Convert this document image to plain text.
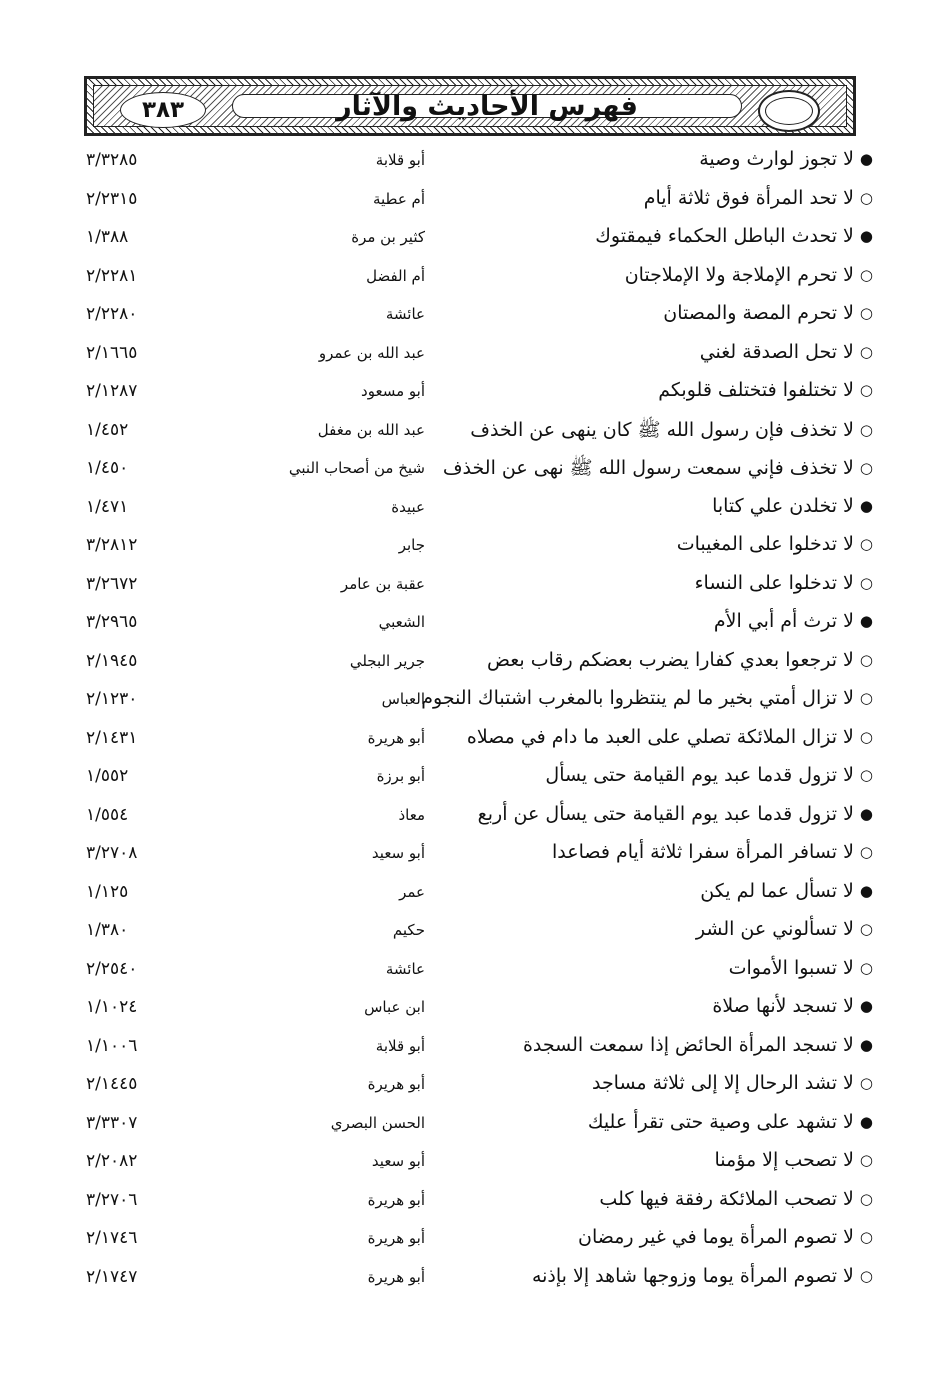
٣٨٣	فهرس الأحاديث والآثار
●لا تجوز لوارث وصية
أبو قلابة
٣/٣٢٨٥
○لا تحد المرأة فوق ثلاثة أيام
أم عطية
٢/٢٣١٥
●لا تحدث الباطل الحكماء فيمقتوك
كثير بن مرة
١/٣٨٨
○لا تحرم الإملاجة ولا الإملاجتان
أم الفضل
٢/٢٢٨١
○لا تحرم المصة والمصتان
عائشة
٢/٢٢٨٠
○لا تحل الصدقة لغني
عبد الله بن عمرو
٢/١٦٦٥
○لا تختلفوا فتختلف قلوبكم
أبو مسعود
٢/١٢٨٧
○لا تخذف فإن رسول الله ﷺ كان ينهى عن الخذف
عبد الله بن مغفل
١/٤٥٢
○لا تخذف فإني سمعت رسول الله ﷺ نهى عن الخذف
شيخ من أصحاب النبي
١/٤٥٠
●لا تخلدن علي كتابا
عبيدة
١/٤٧١
○لا تدخلوا على المغيبات
جابر
٣/٢٨١٢
○لا تدخلوا على النساء
عقبة بن عامر
٣/٢٦٧٢
●لا ترث أم أبي الأم
الشعبي
٣/٢٩٦٥
○لا ترجعوا بعدي كفارا يضرب بعضكم رقاب بعض
جرير البجلي
٢/١٩٤٥
○لا تزال أمتي بخير ما لم ينتظروا بالمغرب اشتباك النجوم
العباس
٢/١٢٣٠
○لا تزال الملائكة تصلي على العبد ما دام في مصلاه
أبو هريرة
٢/١٤٣١
○لا تزول قدما عبد يوم القيامة حتى يسأل
أبو برزة
١/٥٥٢
●لا تزول قدما عبد يوم القيامة حتى يسأل عن أربع
معاذ
١/٥٥٤
○لا تسافر المرأة سفرا ثلاثة أيام فصاعدا
أبو سعيد
٣/٢٧٠٨
●لا تسأل عما لم يكن
عمر
١/١٢٥
○لا تسألوني عن الشر
حكيم
١/٣٨٠
○لا تسبوا الأموات
عائشة
٢/٢٥٤٠
●لا تسجد لأنها صلاة
ابن عباس
١/١٠٢٤
●لا تسجد المرأة الحائض إذا سمعت السجدة
أبو قلابة
١/١٠٠٦
○لا تشد الرحال إلا إلى ثلاثة مساجد
أبو هريرة
٢/١٤٤٥
●لا تشهد على وصية حتى تقرأ عليك
الحسن البصري
٣/٣٣٠٧
○لا تصحب إلا مؤمنا
أبو سعيد
٢/٢٠٨٢
○لا تصحب الملائكة رفقة فيها كلب
أبو هريرة
٣/٢٧٠٦
○لا تصوم المرأة يوما في غير رمضان
أبو هريرة
٢/١٧٤٦
○لا تصوم المرأة يوما وزوجها شاهد إلا بإذنه
أبو هريرة
٢/١٧٤٧
